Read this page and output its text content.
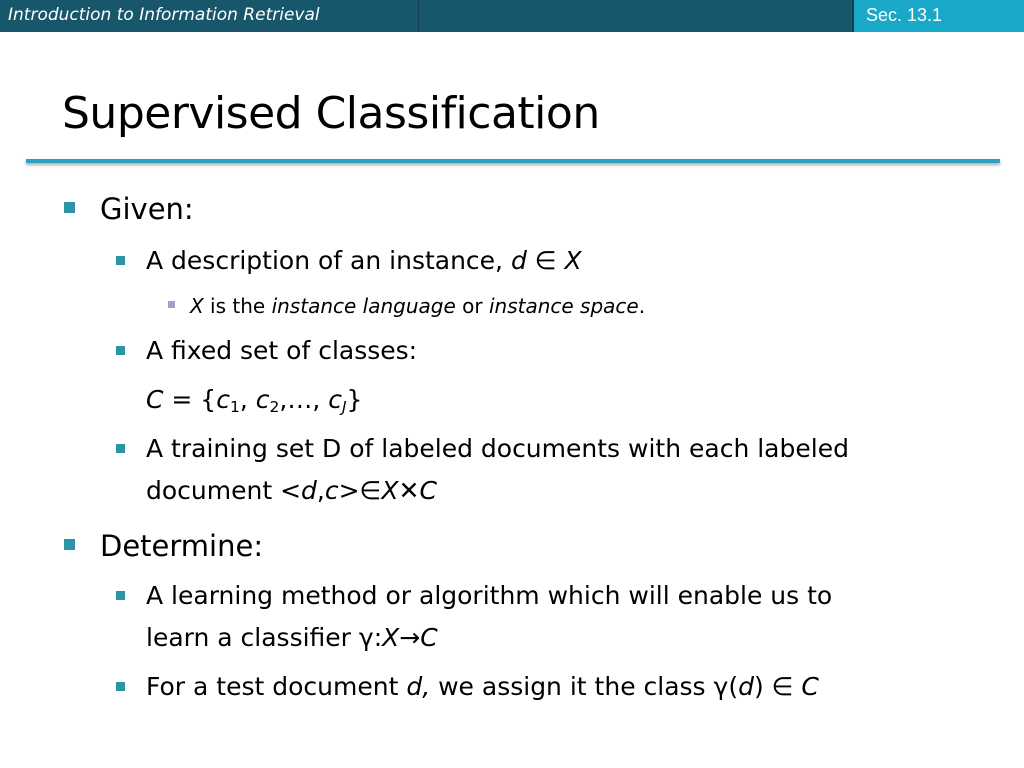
Introduction to Information Retrieval	Sec. 13.1
Supervised Classification
Given:
A description of an instance, d ∈ X
X is the instance language or instance space.
A fixed set of classes:
$C = \{c_1$, $c_2,\dots$, $c_J$}
A training set D of labeled documents with each labeled
document <d,c>∈X✕C
Determine:
A learning method or algorithm which will enable us to
learn a classifier γ:X→C
For a test document d, we assign it the class γ(d) ∈ C
